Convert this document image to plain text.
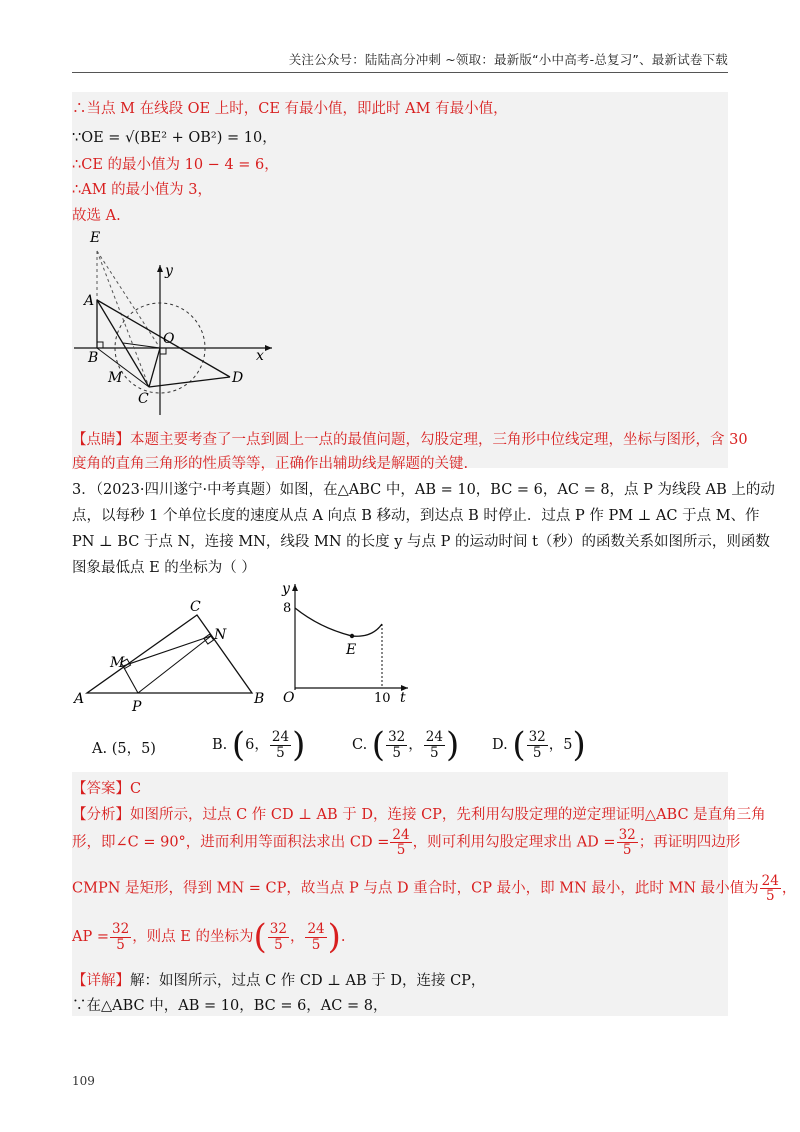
关注公众号：陆陆高分冲刺 ~领取：最新版“小中高考-总复习”、最新试卷下载
∴当点 M 在线段 OE 上时，CE 有最小值，即此时 AM 有最小值，
∵OE = √(BE² + OB²) = 10，
∴CE 的最小值为 10 − 4 = 6，
∴AM 的最小值为 3，
故选 A.
E
A
B
M
C
O
D
x
y
【点睛】本题主要考查了一点到圆上一点的最值问题，勾股定理，三角形中位线定理，坐标与图形，含 30
度角的直角三角形的性质等等，正确作出辅助线是解题的关键.
3．（2023·四川遂宁·中考真题）如图，在△ABC 中，AB = 10，BC = 6，AC = 8，点 P 为线段 AB 上的动
点，以每秒 1 个单位长度的速度从点 A 向点 B 移动，到达点 B 时停止．过点 P 作 PM ⊥ AC 于点 M、作
PN ⊥ BC 于点 N，连接 MN，线段 MN 的长度 y 与点 P 的运动时间 t（秒）的函数关系如图所示，则函数
图象最低点 E 的坐标为（ ）
C
N
M
A	P	B
y
8
E
O	10 t
A. (5，5)	B. (6， $\frac{24}{5}$ )	C. ( $\frac{32}{5}$ ， $\frac{24}{5}$ ) D. ( $\frac{32}{5}$ ，5)
【答案】C
【分析】如图所示，过点 C 作 CD ⊥ AB 于 D，连接 CP，先利用勾股定理的逆定理证明△ABC 是直角三角
形，即∠C = 90°，进而利用等面积法求出 CD = $\frac{24}{5}$ ，则可利用勾股定理求出 AD = $\frac{32}{5}$ ；再证明四边形
CMPN 是矩形，得到 MN = CP，故当点 P 与点 D 重合时，CP 最小，即 MN 最小，此时 MN 最小值为 $\frac{24}{5}$ ，
AP = $\frac{32}{5}$ ，则点 E 的坐标为( $\frac{32}{5}$ ， $\frac{24}{5}$ ).
【详解】解：如图所示，过点 C 作 CD ⊥ AB 于 D，连接 CP，
∵在△ABC 中，AB = 10，BC = 6，AC = 8，
109
